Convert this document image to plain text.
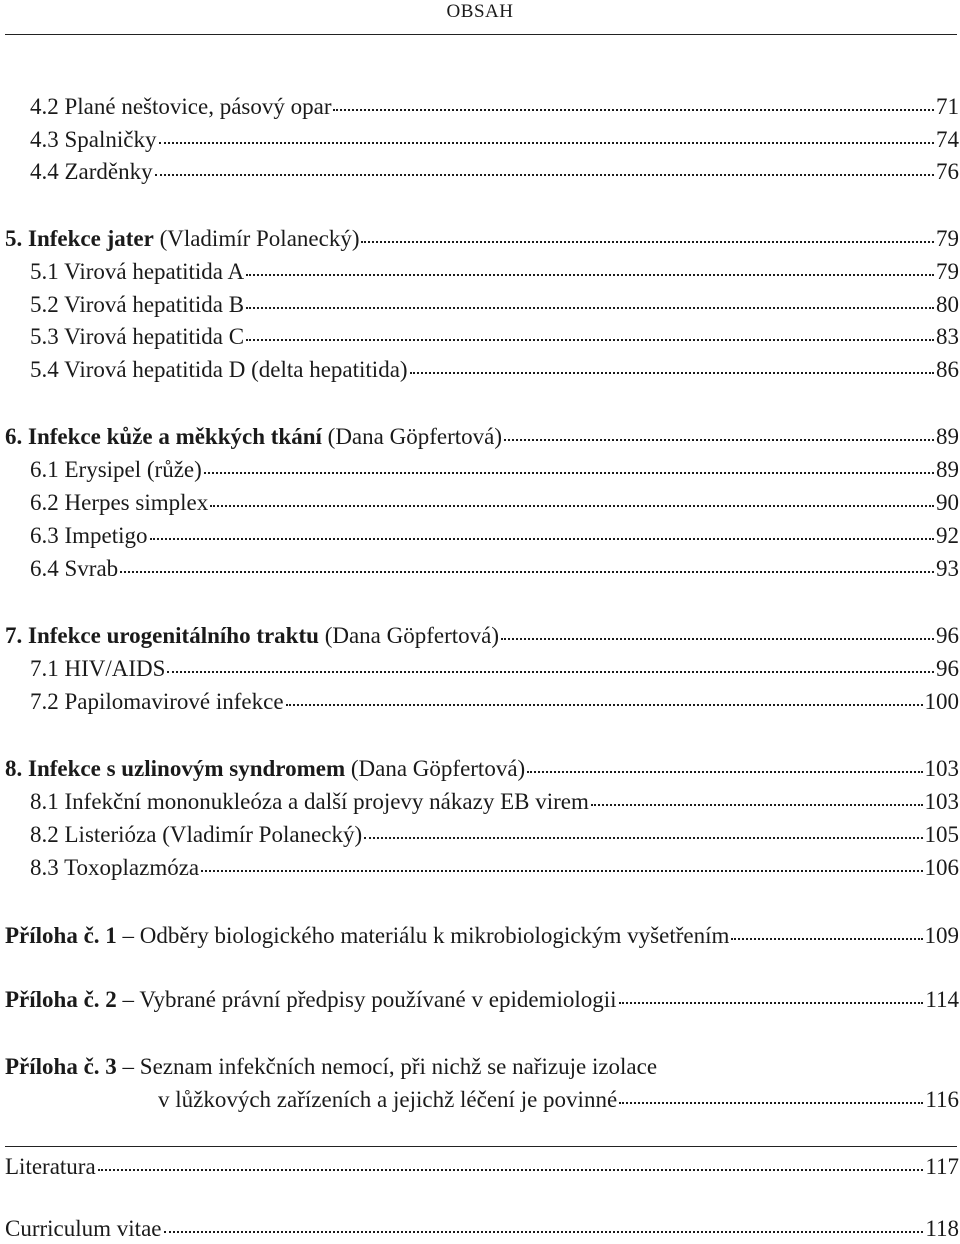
OBSAH
4.2 Plané neštovice, pásový opar	71
4.3 Spalničky	74
4.4 Zarděnky	76
5. Infekce jater (Vladimír Polanecký)	79
5.1 Virová hepatitida A	79
5.2 Virová hepatitida B	80
5.3 Virová hepatitida C	83
5.4 Virová hepatitida D (delta hepatitida)	86
6. Infekce kůže a měkkých tkání (Dana Göpfertová)	89
6.1 Erysipel (růže)	89
6.2 Herpes simplex	90
6.3 Impetigo	92
6.4 Svrab	93
7. Infekce urogenitálního traktu (Dana Göpfertová)	96
7.1 HIV/AIDS	96
7.2 Papilomavirové infekce	100
8. Infekce s uzlinovým syndromem (Dana Göpfertová)	103
8.1 Infekční mononukleóza a další projevy nákazy EB virem	103
8.2 Listerióza (Vladimír Polanecký)	105
8.3 Toxoplazmóza	106
Příloha č. 1 – Odběry biologického materiálu k mikrobiologickým vyšetřením	109
Příloha č. 2 – Vybrané právní předpisy používané v epidemiologii	114
Příloha č. 3 – Seznam infekčních nemocí, při nichž se nařizuje izolace
v lůžkových zařízeních a jejichž léčení je povinné	116
Literatura	117
Curriculum vitae	118
